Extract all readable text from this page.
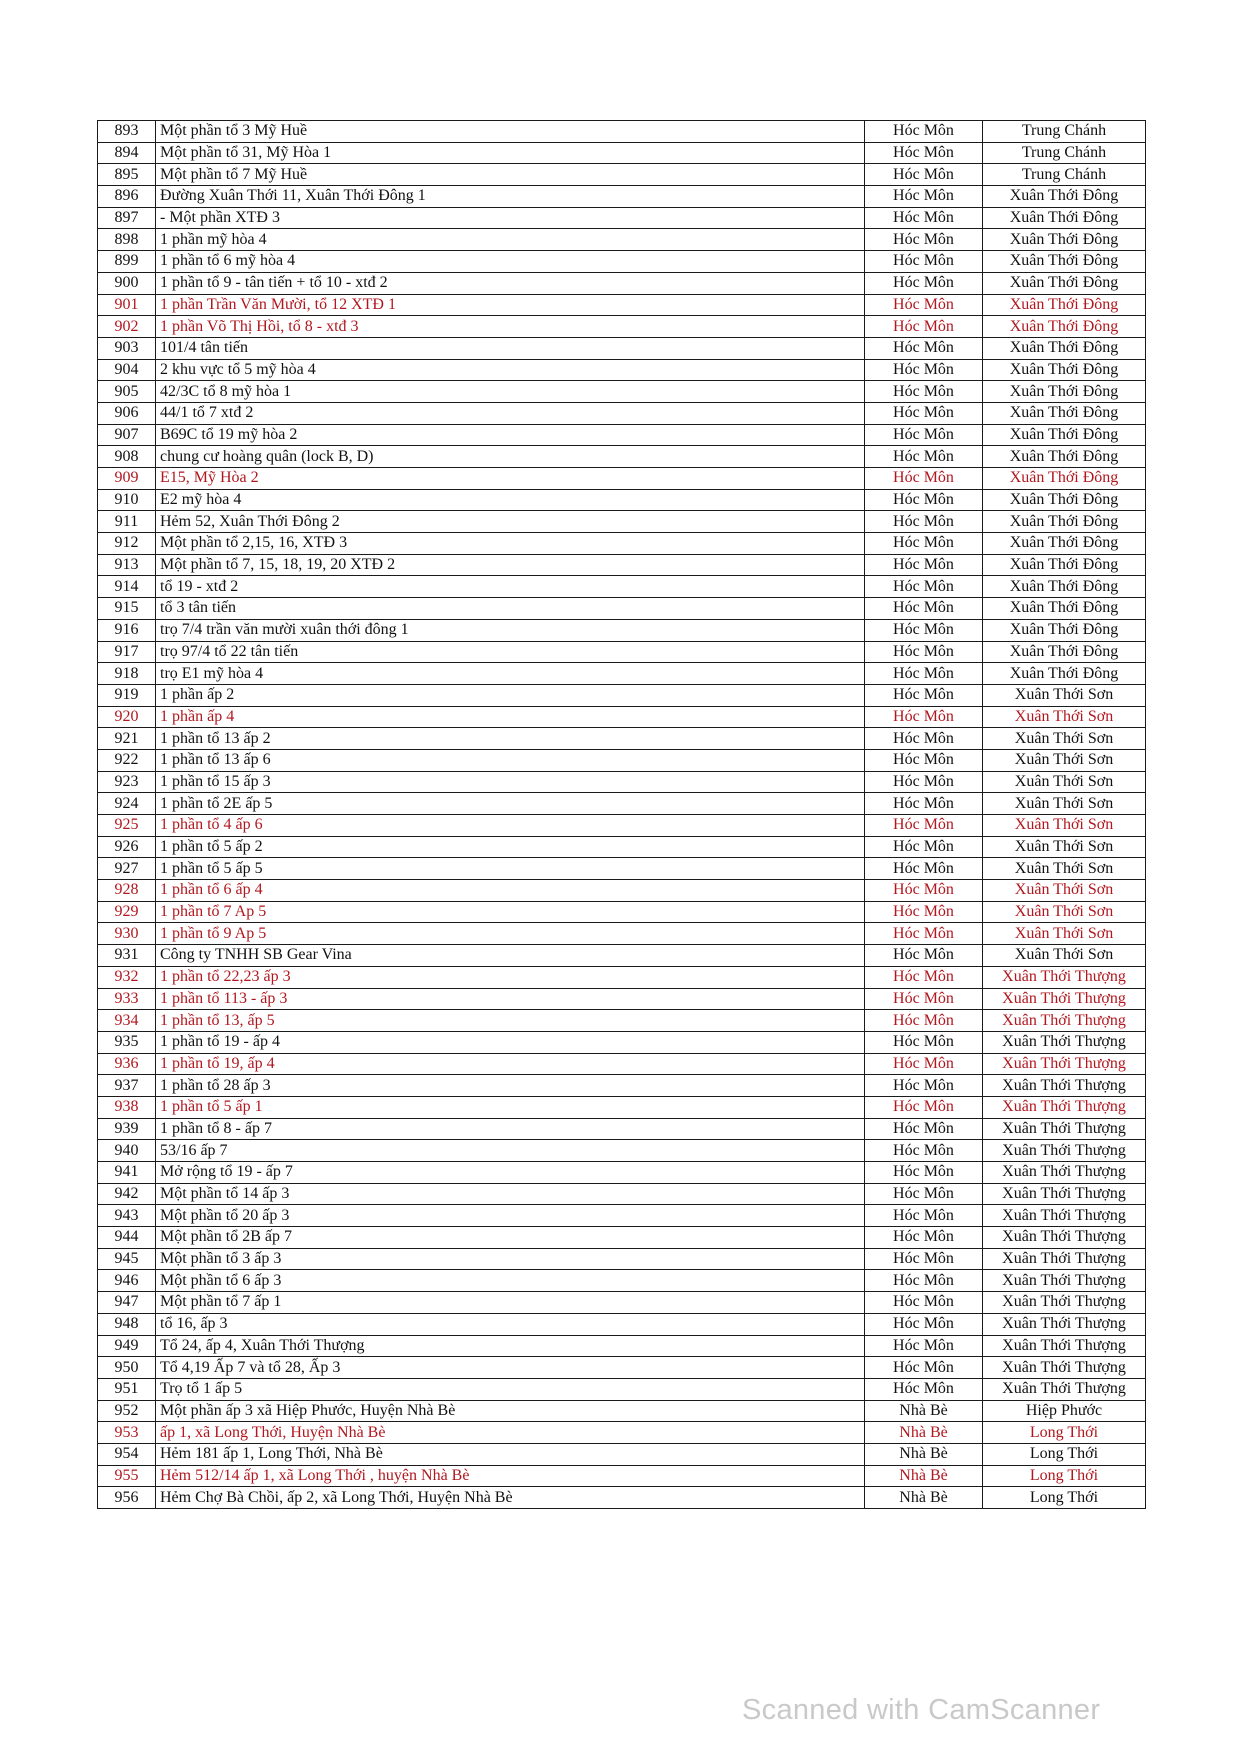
893	Một phần tổ 3 Mỹ Huề	Hóc Môn	Trung Chánh
894	Một phần tổ 31, Mỹ Hòa 1	Hóc Môn	Trung Chánh
895	Một phần tổ 7 Mỹ Huề	Hóc Môn	Trung Chánh
896	Đường Xuân Thới 11, Xuân Thới Đông 1	Hóc Môn	Xuân Thới Đông
897	- Một phần XTĐ 3	Hóc Môn	Xuân Thới Đông
898	1 phần mỹ hòa 4	Hóc Môn	Xuân Thới Đông
899	1 phần tổ 6 mỹ hòa 4	Hóc Môn	Xuân Thới Đông
900	1 phần tổ 9 - tân tiến + tổ 10 - xtđ 2	Hóc Môn	Xuân Thới Đông
901	1 phần Trần Văn Mười, tổ 12 XTĐ 1	Hóc Môn	Xuân Thới Đông
902	1 phần Võ Thị Hồi, tổ 8 - xtđ 3	Hóc Môn	Xuân Thới Đông
903	101/4 tân tiến	Hóc Môn	Xuân Thới Đông
904	2 khu vực tổ 5 mỹ hòa 4	Hóc Môn	Xuân Thới Đông
905	42/3C tổ 8 mỹ hòa 1	Hóc Môn	Xuân Thới Đông
906	44/1 tổ 7 xtđ 2	Hóc Môn	Xuân Thới Đông
907	B69C tổ 19 mỹ hòa 2	Hóc Môn	Xuân Thới Đông
908	chung cư hoàng quân (lock B, D)	Hóc Môn	Xuân Thới Đông
909	E15, Mỹ Hòa 2	Hóc Môn	Xuân Thới Đông
910	E2 mỹ hòa 4	Hóc Môn	Xuân Thới Đông
911	Hẻm 52, Xuân Thới Đông 2	Hóc Môn	Xuân Thới Đông
912	Một phần tổ 2,15, 16, XTĐ 3	Hóc Môn	Xuân Thới Đông
913	Một phần tổ 7, 15, 18, 19, 20 XTĐ 2	Hóc Môn	Xuân Thới Đông
914	tổ 19 - xtđ 2	Hóc Môn	Xuân Thới Đông
915	tổ 3 tân tiến	Hóc Môn	Xuân Thới Đông
916	trọ 7/4 trần văn mười xuân thới đông 1	Hóc Môn	Xuân Thới Đông
917	trọ 97/4 tổ 22 tân tiến	Hóc Môn	Xuân Thới Đông
918	trọ E1 mỹ hòa 4	Hóc Môn	Xuân Thới Đông
919	1 phần ấp 2	Hóc Môn	Xuân Thới Sơn
920	1 phần ấp 4	Hóc Môn	Xuân Thới Sơn
921	1 phần tổ 13 ấp 2	Hóc Môn	Xuân Thới Sơn
922	1 phần tổ 13 ấp 6	Hóc Môn	Xuân Thới Sơn
923	1 phần tổ 15 ấp 3	Hóc Môn	Xuân Thới Sơn
924	1 phần tổ 2E ấp 5	Hóc Môn	Xuân Thới Sơn
925	1 phần tổ 4 ấp 6	Hóc Môn	Xuân Thới Sơn
926	1 phần tổ 5 ấp 2	Hóc Môn	Xuân Thới Sơn
927	1 phần tổ 5 ấp 5	Hóc Môn	Xuân Thới Sơn
928	1 phần tổ 6 ấp 4	Hóc Môn	Xuân Thới Sơn
929	1 phần tổ 7 Ap 5	Hóc Môn	Xuân Thới Sơn
930	1 phần tổ 9 Ap 5	Hóc Môn	Xuân Thới Sơn
931	Công ty TNHH SB Gear Vina	Hóc Môn	Xuân Thới Sơn
932	1 phần tổ 22,23 ấp 3	Hóc Môn	Xuân Thới Thượng
933	1 phần tổ 113 - ấp 3	Hóc Môn	Xuân Thới Thượng
934	1 phần tổ 13, ấp 5	Hóc Môn	Xuân Thới Thượng
935	1 phần tổ 19 - ấp 4	Hóc Môn	Xuân Thới Thượng
936	1 phần tổ 19, ấp 4	Hóc Môn	Xuân Thới Thượng
937	1 phần tổ 28 ấp 3	Hóc Môn	Xuân Thới Thượng
938	1 phần tổ 5 ấp 1	Hóc Môn	Xuân Thới Thượng
939	1 phần tổ 8 - ấp 7	Hóc Môn	Xuân Thới Thượng
940	53/16 ấp 7	Hóc Môn	Xuân Thới Thượng
941	Mở rộng tổ 19 - ấp 7	Hóc Môn	Xuân Thới Thượng
942	Một phần tổ 14 ấp 3	Hóc Môn	Xuân Thới Thượng
943	Một phần tổ 20 ấp 3	Hóc Môn	Xuân Thới Thượng
944	Một phần tổ 2B ấp 7	Hóc Môn	Xuân Thới Thượng
945	Một phần tổ 3 ấp 3	Hóc Môn	Xuân Thới Thượng
946	Một phần tổ 6 ấp 3	Hóc Môn	Xuân Thới Thượng
947	Một phần tổ 7 ấp 1	Hóc Môn	Xuân Thới Thượng
948	tổ 16, ấp 3	Hóc Môn	Xuân Thới Thượng
949	Tổ 24, ấp 4, Xuân Thới Thượng	Hóc Môn	Xuân Thới Thượng
950	Tổ 4,19 Ấp 7 và tổ 28, Ấp 3	Hóc Môn	Xuân Thới Thượng
951	Trọ tổ 1 ấp 5	Hóc Môn	Xuân Thới Thượng
952	Một phần ấp 3 xã Hiệp Phước, Huyện Nhà Bè	Nhà Bè	Hiệp Phước
953	ấp 1, xã Long Thới, Huyện Nhà Bè	Nhà Bè	Long Thới
954	Hẻm 181 ấp 1, Long Thới, Nhà Bè	Nhà Bè	Long Thới
955	Hẻm 512/14 ấp 1, xã Long Thới , huyện Nhà Bè	Nhà Bè	Long Thới
956	Hẻm Chợ Bà Chồi, ấp 2, xã Long Thới, Huyện Nhà Bè	Nhà Bè	Long Thới
Scanned with CamScanner
